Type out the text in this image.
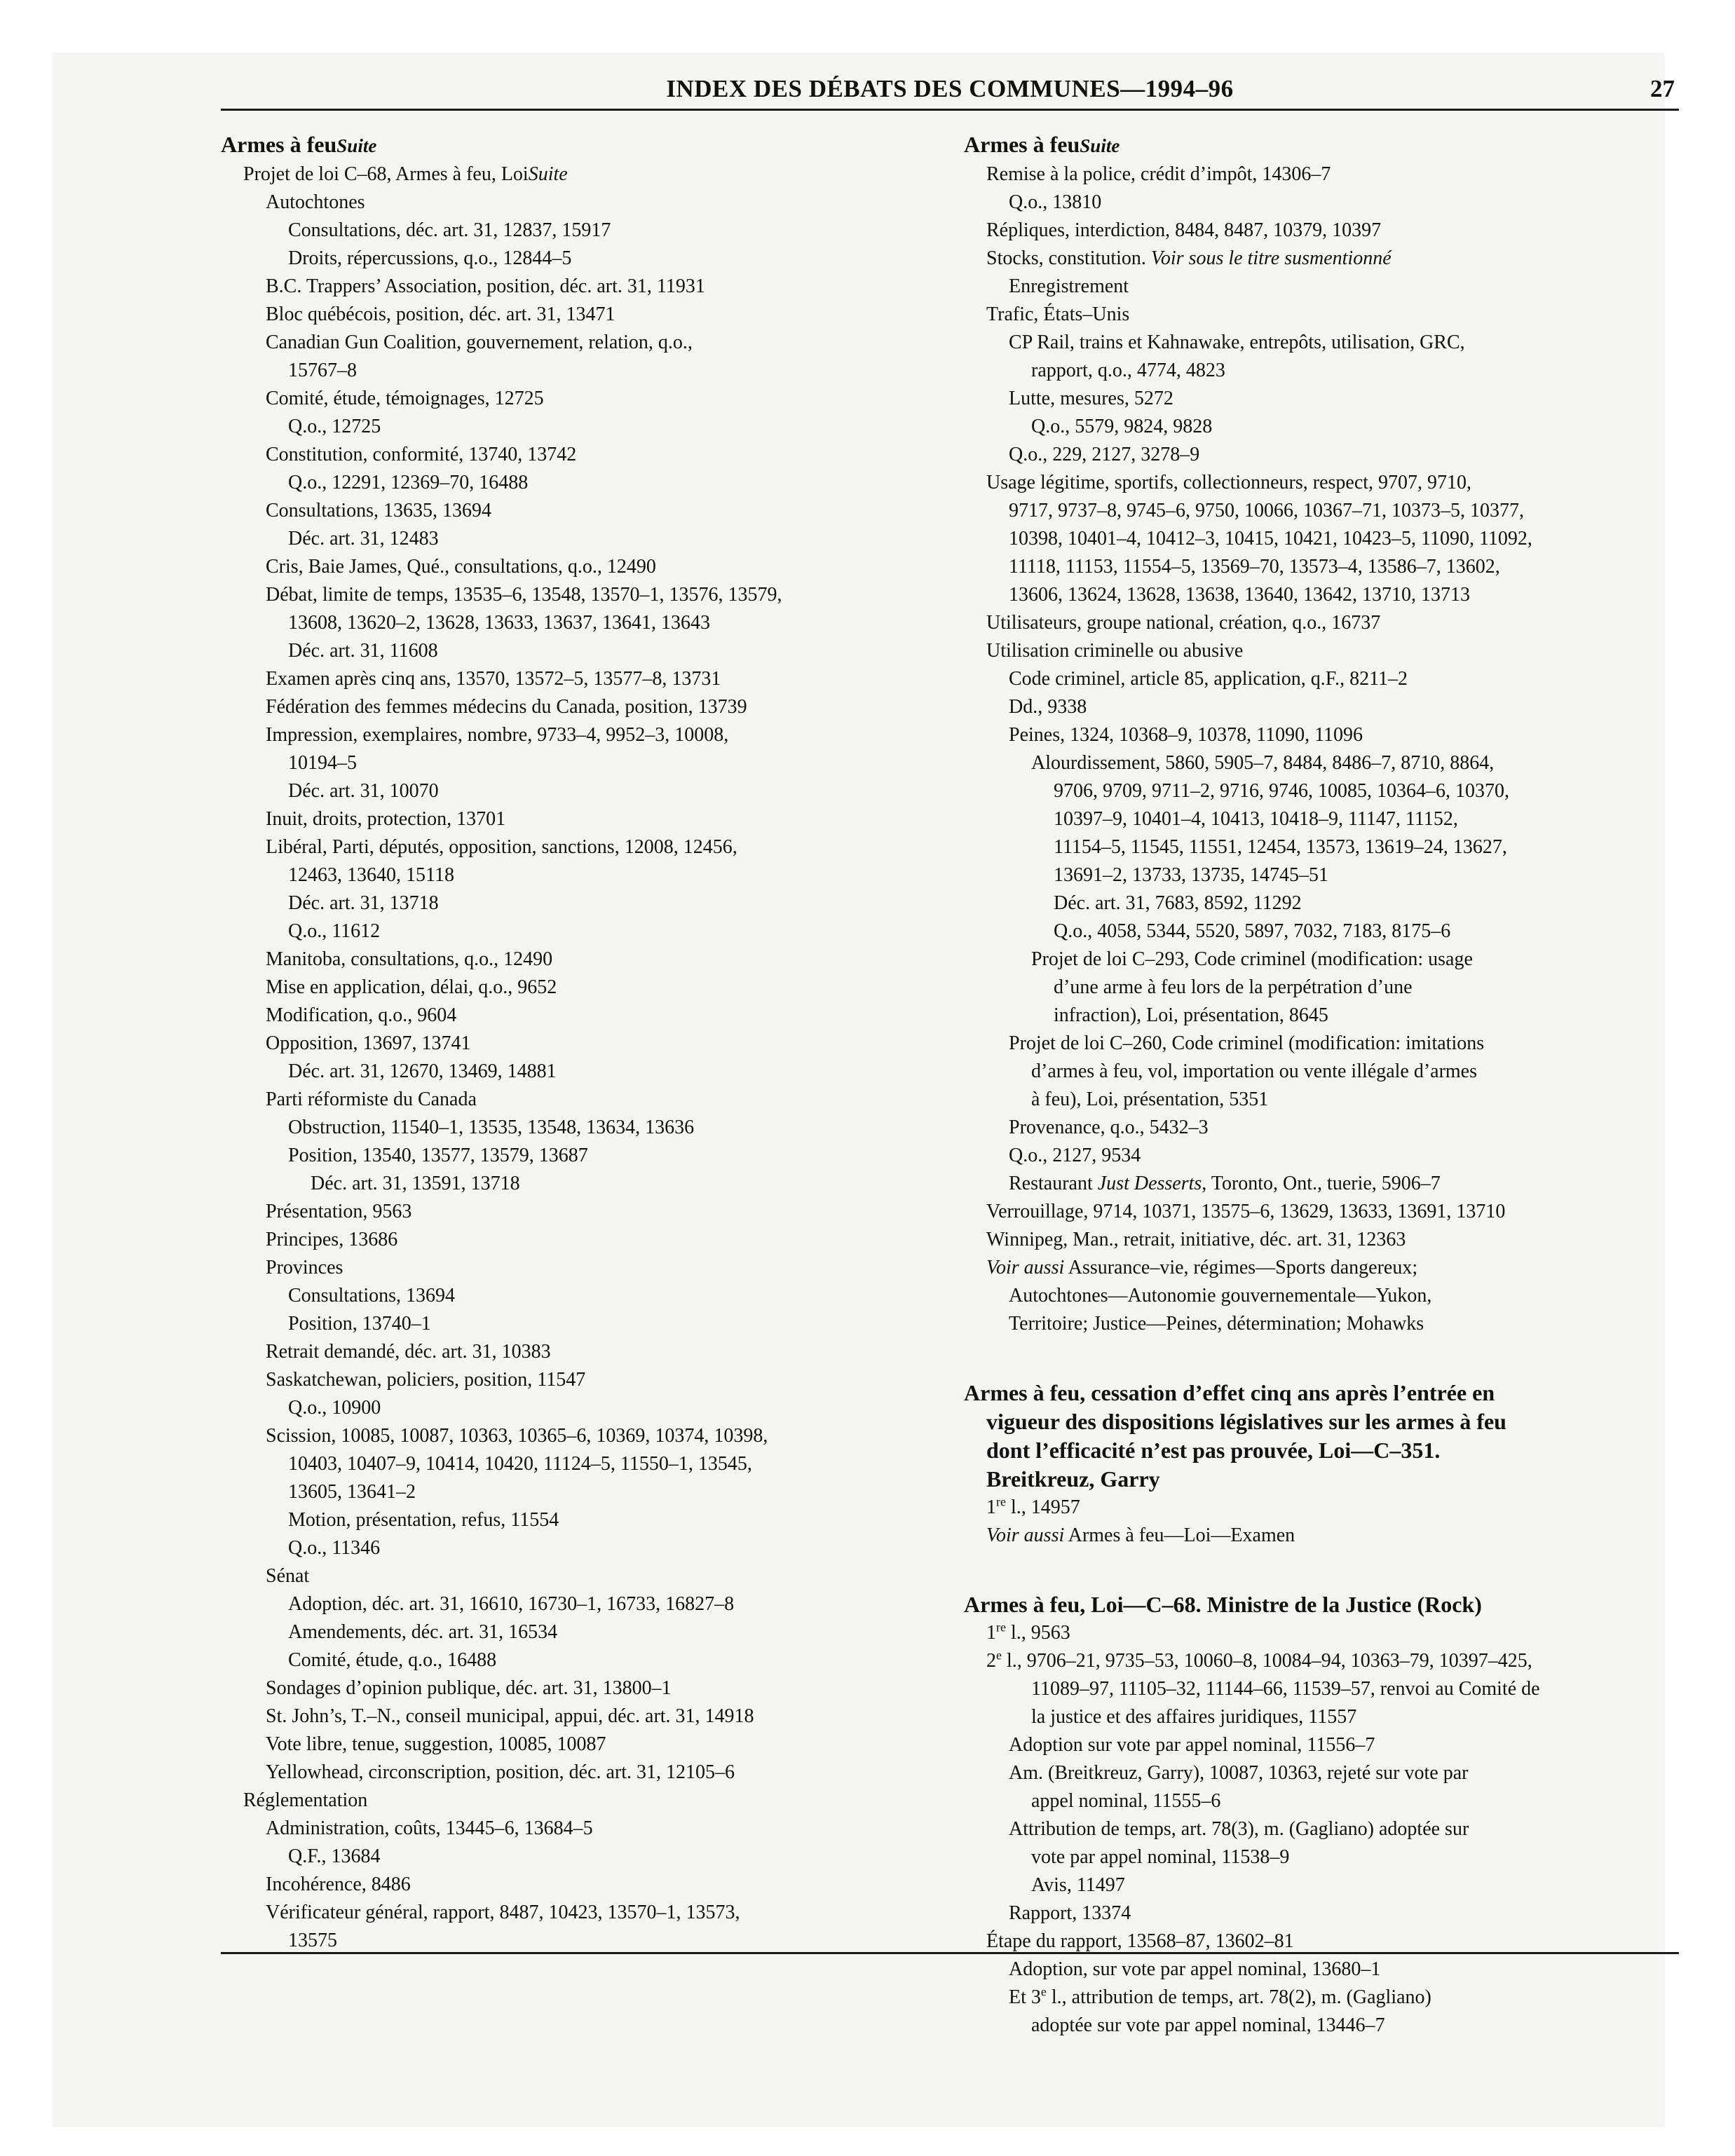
INDEX DES DÉBATS DES COMMUNES—1994–96	27
Armes à feuSuite
Projet de loi C–68, Armes à feu, LoiSuite
Autochtones
Consultations, déc. art. 31, 12837, 15917
Droits, répercussions, q.o., 12844–5
B.C. Trappers’ Association, position, déc. art. 31, 11931
Bloc québécois, position, déc. art. 31, 13471
Canadian Gun Coalition, gouvernement, relation, q.o.,
15767–8
Comité, étude, témoignages, 12725
Q.o., 12725
Constitution, conformité, 13740, 13742
Q.o., 12291, 12369–70, 16488
Consultations, 13635, 13694
Déc. art. 31, 12483
Cris, Baie James, Qué., consultations, q.o., 12490
Débat, limite de temps, 13535–6, 13548, 13570–1, 13576, 13579,
13608, 13620–2, 13628, 13633, 13637, 13641, 13643
Déc. art. 31, 11608
Examen après cinq ans, 13570, 13572–5, 13577–8, 13731
Fédération des femmes médecins du Canada, position, 13739
Impression, exemplaires, nombre, 9733–4, 9952–3, 10008,
10194–5
Déc. art. 31, 10070
Inuit, droits, protection, 13701
Libéral, Parti, députés, opposition, sanctions, 12008, 12456,
12463, 13640, 15118
Déc. art. 31, 13718
Q.o., 11612
Manitoba, consultations, q.o., 12490
Mise en application, délai, q.o., 9652
Modification, q.o., 9604
Opposition, 13697, 13741
Déc. art. 31, 12670, 13469, 14881
Parti réformiste du Canada
Obstruction, 11540–1, 13535, 13548, 13634, 13636
Position, 13540, 13577, 13579, 13687
Déc. art. 31, 13591, 13718
Présentation, 9563
Principes, 13686
Provinces
Consultations, 13694
Position, 13740–1
Retrait demandé, déc. art. 31, 10383
Saskatchewan, policiers, position, 11547
Q.o., 10900
Scission, 10085, 10087, 10363, 10365–6, 10369, 10374, 10398,
10403, 10407–9, 10414, 10420, 11124–5, 11550–1, 13545,
13605, 13641–2
Motion, présentation, refus, 11554
Q.o., 11346
Sénat
Adoption, déc. art. 31, 16610, 16730–1, 16733, 16827–8
Amendements, déc. art. 31, 16534
Comité, étude, q.o., 16488
Sondages d’opinion publique, déc. art. 31, 13800–1
St. John’s, T.–N., conseil municipal, appui, déc. art. 31, 14918
Vote libre, tenue, suggestion, 10085, 10087
Yellowhead, circonscription, position, déc. art. 31, 12105–6
Réglementation
Administration, coûts, 13445–6, 13684–5
Q.F., 13684
Incohérence, 8486
Vérificateur général, rapport, 8487, 10423, 13570–1, 13573,
13575
Armes à feuSuite
Remise à la police, crédit d’impôt, 14306–7
Q.o., 13810
Répliques, interdiction, 8484, 8487, 10379, 10397
Stocks, constitution. Voir sous le titre susmentionné
Enregistrement
Trafic, États–Unis
CP Rail, trains et Kahnawake, entrepôts, utilisation, GRC,
rapport, q.o., 4774, 4823
Lutte, mesures, 5272
Q.o., 5579, 9824, 9828
Q.o., 229, 2127, 3278–9
Usage légitime, sportifs, collectionneurs, respect, 9707, 9710,
9717, 9737–8, 9745–6, 9750, 10066, 10367–71, 10373–5, 10377,
10398, 10401–4, 10412–3, 10415, 10421, 10423–5, 11090, 11092,
11118, 11153, 11554–5, 13569–70, 13573–4, 13586–7, 13602,
13606, 13624, 13628, 13638, 13640, 13642, 13710, 13713
Utilisateurs, groupe national, création, q.o., 16737
Utilisation criminelle ou abusive
Code criminel, article 85, application, q.F., 8211–2
Dd., 9338
Peines, 1324, 10368–9, 10378, 11090, 11096
Alourdissement, 5860, 5905–7, 8484, 8486–7, 8710, 8864,
9706, 9709, 9711–2, 9716, 9746, 10085, 10364–6, 10370,
10397–9, 10401–4, 10413, 10418–9, 11147, 11152,
11154–5, 11545, 11551, 12454, 13573, 13619–24, 13627,
13691–2, 13733, 13735, 14745–51
Déc. art. 31, 7683, 8592, 11292
Q.o., 4058, 5344, 5520, 5897, 7032, 7183, 8175–6
Projet de loi C–293, Code criminel (modification: usage
d’une arme à feu lors de la perpétration d’une
infraction), Loi, présentation, 8645
Projet de loi C–260, Code criminel (modification: imitations
d’armes à feu, vol, importation ou vente illégale d’armes
à feu), Loi, présentation, 5351
Provenance, q.o., 5432–3
Q.o., 2127, 9534
Restaurant Just Desserts, Toronto, Ont., tuerie, 5906–7
Verrouillage, 9714, 10371, 13575–6, 13629, 13633, 13691, 13710
Winnipeg, Man., retrait, initiative, déc. art. 31, 12363
Voir aussi Assurance–vie, régimes—Sports dangereux;
Autochtones—Autonomie gouvernementale—Yukon,
Territoire; Justice—Peines, détermination; Mohawks
Armes à feu, cessation d’effet cinq ans après l’entrée en
vigueur des dispositions législatives sur les armes à feu
dont l’efficacité n’est pas prouvée, Loi—C–351.
Breitkreuz, Garry
1re l., 14957
Voir aussi Armes à feu—Loi—Examen
Armes à feu, Loi—C–68. Ministre de la Justice (Rock)
1re l., 9563
2e l., 9706–21, 9735–53, 10060–8, 10084–94, 10363–79, 10397–425,
11089–97, 11105–32, 11144–66, 11539–57, renvoi au Comité de
la justice et des affaires juridiques, 11557
Adoption sur vote par appel nominal, 11556–7
Am. (Breitkreuz, Garry), 10087, 10363, rejeté sur vote par
appel nominal, 11555–6
Attribution de temps, art. 78(3), m. (Gagliano) adoptée sur
vote par appel nominal, 11538–9
Avis, 11497
Rapport, 13374
Étape du rapport, 13568–87, 13602–81
Adoption, sur vote par appel nominal, 13680–1
Et 3e l., attribution de temps, art. 78(2), m. (Gagliano)
adoptée sur vote par appel nominal, 13446–7
